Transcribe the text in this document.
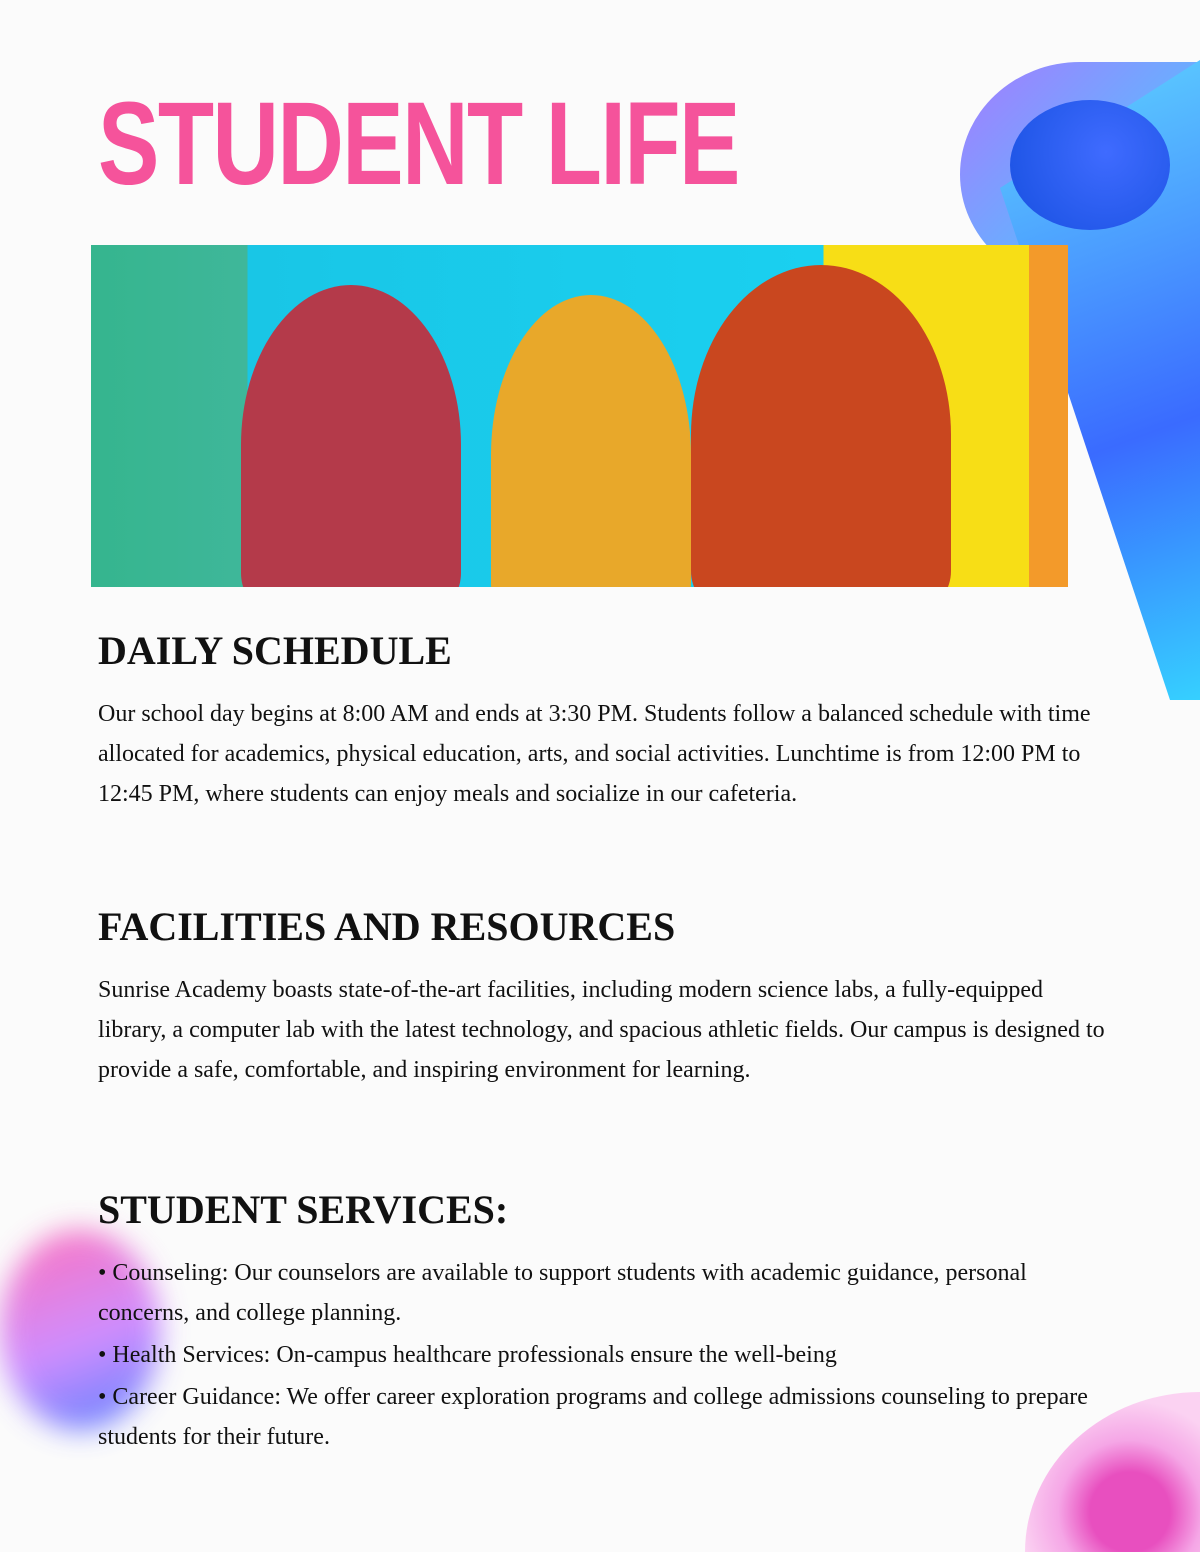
STUDENT LIFE
DAILY SCHEDULE

Our school day begins at 8:00 AM and ends at 3:30 PM. Students follow a balanced schedule with time allocated for academics, physical education, arts, and social activities. Lunchtime is from 12:00 PM to 12:45 PM, where students can enjoy meals and socialize in our cafeteria.

FACILITIES AND RESOURCES

Sunrise Academy boasts state-of-the-art facilities, including modern science labs, a fully-equipped library, a computer lab with the latest technology, and spacious athletic fields. Our campus is designed to provide a safe, comfortable, and inspiring environment for learning.

STUDENT SERVICES:
• Counseling: Our counselors are available to support students with academic guidance, personal concerns, and college planning.
• Health Services: On-campus healthcare professionals ensure the well-being
• Career Guidance: We offer career exploration programs and college admissions counseling to prepare students for their future.
